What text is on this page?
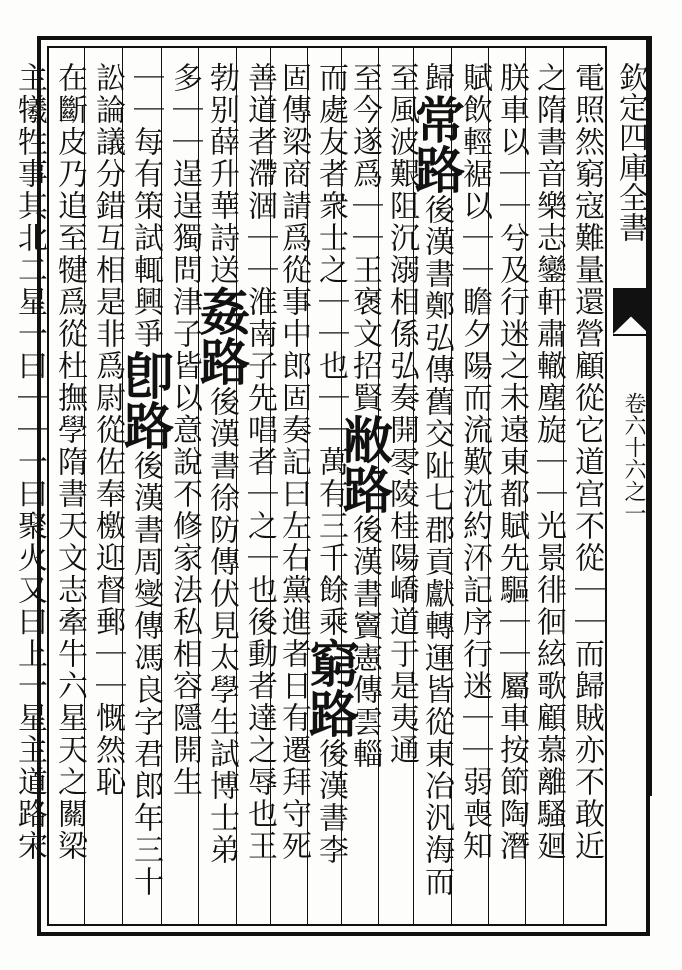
欽定四庫全書
卷六十六之一
電照然窮寇難量還營顧從它道宫不從｜｜而歸賊亦不敢近
之隋書音樂志鑾軒肅轍塵旋｜｜光景徘徊絃歌顧慕離騷廻
朕車以｜｜兮及行迷之未遠東都賦先驅｜｜屬車按節陶潛
賦飲輕裾以｜｜瞻夕陽而流歎沈約㳅記序行迷｜｜弱喪知
歸常路後漢書鄭弘傳舊交阯七郡貢獻轉運皆從東冶汎海而
至風波艱阻沉溺相係弘奏開零陵桂陽嶠道于是夷通
至今遂爲｜｜王褒文招賢敝路後漢書竇憲傳雲輜
而處友者衆士之｜｜也｜｜萬有三千餘乘窮路後漢書李
固傳梁商請爲從事中郎固奏記曰左右黨進者日有遷拜守死
善道者滯涸｜｜淮南子先唱者｜之｜也後動者達之辱也王
勃别薛升華詩送姦路後漢書徐防傳伏見太學生試博士弟
多｜｜逞逞獨問津子皆以意說不修家法私相容隱開生
｜｜每有策試輒興爭卽路後漢書周燮傳馮良字君郎年三十
訟論議分錯互相是非爲尉從佐奉檄迎督郵｜｜慨然恥
在斷皮乃追至犍爲從杜撫學隋書天文志牽牛六星天之關梁
主犧牲事其北二星一曰｜｜一曰聚火又曰上一星主道路宋
